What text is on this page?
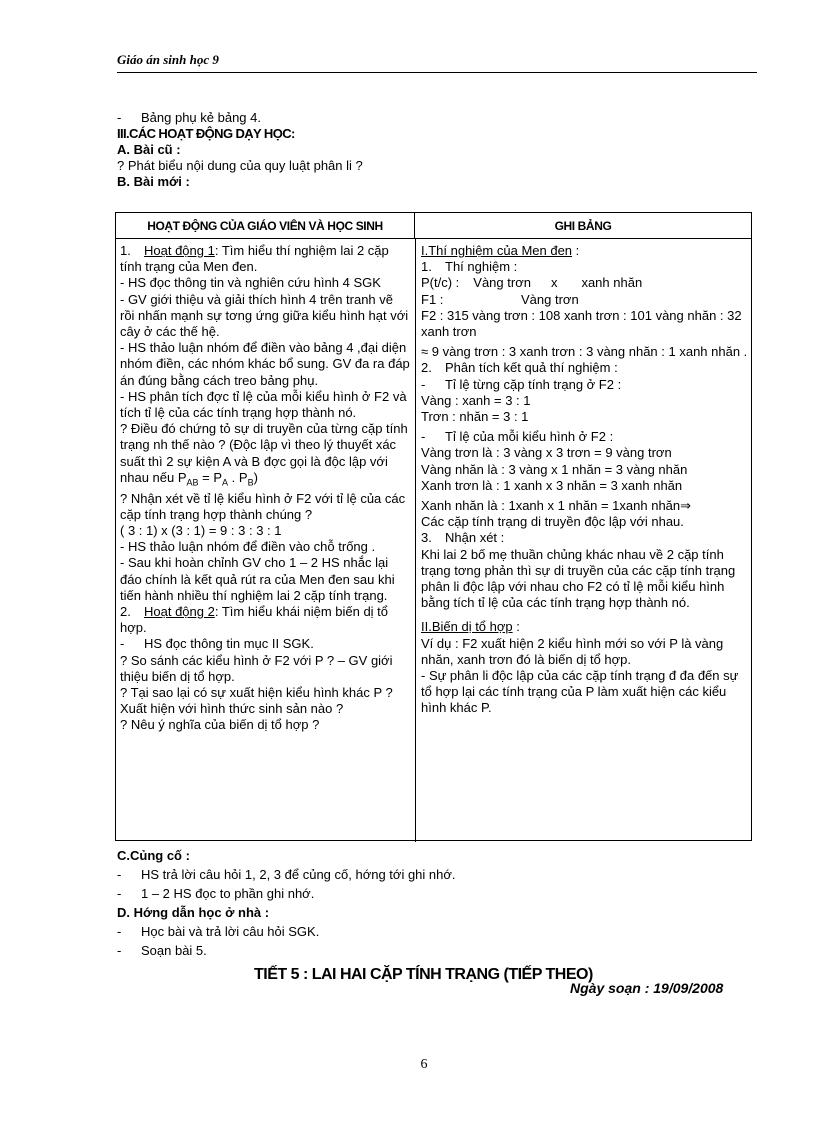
Giáo án sinh học 9
- Bảng phụ kẻ bảng 4.
III.CÁC HOẠT ĐỘNG DẠY HỌC:
A. Bài cũ :
? Phát biểu nội dung của quy luật phân li ?
B. Bài mới :
HOẠT ĐỘNG CỦA GIÁO VIÊN VÀ HỌC SINH	GHI BẢNG
1. Hoạt động 1: Tìm hiểu thí nghiệm lai 2 cặp tính trạng của Men đen.
- HS đọc thông tin và nghiên cứu hình 4 SGK
- GV giới thiệu và giải thích hình 4 trên tranh vẽ rồi nhấn mạnh sự tơng ứng giữa kiểu hình hạt với cây ở các thế hệ.
- HS thảo luận nhóm để điền vào bảng 4 ,đại diện nhóm điền, các nhóm khác bổ sung. GV đa ra đáp án đúng bằng cách treo bảng phụ.
- HS phân tích đợc tỉ lệ của mỗi kiểu hình ở F2 và tích tỉ lệ của các tính trạng hợp thành nó.
? Điều đó chứng tỏ sự di truyền của từng cặp tính trạng nh thế nào ? (Độc lập vì theo lý thuyết xác suất thì 2 sự kiện A và B đợc gọi là độc lập với nhau nếu $P_{AB} = P_A$ . $P_B$)
? Nhận xét về tỉ lệ kiểu hình ở F2 với tỉ lệ của các cặp tính trạng hợp thành chúng ?
( 3 : 1) x (3 : 1) = 9 : 3 : 3 : 1
- HS thảo luận nhóm để điền vào chỗ trống .
- Sau khi hoàn chỉnh GV cho 1 – 2 HS nhắc lại đáo chính là kết quả rút ra của Men đen sau khi tiến hành nhiều thí nghiệm lai 2 cặp tính trạng.
2. Hoạt động 2: Tìm hiểu khái niệm biến dị tổ hợp.
- HS đọc thông tin mục II SGK.
? So sánh các kiểu hình ở F2 với P ? – GV giới thiệu biến dị tổ hợp.
? Tại sao lại có sự xuất hiện kiểu hình khác P ? Xuất hiện với hình thức sinh sản nào ?
? Nêu ý nghĩa của biến dị tổ hợp ?
I.Thí nghiệm của Men đen :
1. Thí nghiệm :
P(t/c) : Vàng trơn x xanh nhăn
F1 :	Vàng trơn
F2 : 315 vàng trơn : 108 xanh trơn : 101 vàng nhăn : 32 xanh trơn
≈ 9 vàng trơn : 3 xanh trơn : 3 vàng nhăn : 1 xanh nhăn .
2. Phân tích kết quả thí nghiệm :
- Tỉ lệ từng cặp tính trạng ở F2 :
Vàng : xanh = 3 : 1
Trơn : nhăn = 3 : 1
- Tỉ lệ của mỗi kiểu hình ở F2 :
Vàng trơn là : 3 vàng x 3 trơn = 9 vàng trơn
Vàng nhăn là : 3 vàng x 1 nhăn = 3 vàng nhăn
Xanh trơn là : 1 xanh x 3 nhăn = 3 xanh nhăn
Xanh nhăn là : 1xanh x 1 nhăn = 1xanh nhăn⇒
Các cặp tính trạng di truyền độc lập với nhau.
3. Nhận xét :
Khi lai 2 bố mẹ thuần chủng khác nhau về 2 cặp tính trạng tơng phản thì sự di truyền của các cặp tính trạng phân li độc lập với nhau cho F2 có tỉ lệ mỗi kiểu hình bằng tích tỉ lệ của các tính trạng hợp thành nó.
II.Biến dị tổ hợp :
Ví dụ : F2 xuất hiện 2 kiểu hình mới so với P là vàng nhăn, xanh trơn đó là biến dị tổ hợp.
- Sự phân li độc lập của các cặp tính trạng đ đa đến sự tổ hợp lại các tính trạng của P làm xuất hiện các kiểu hình khác P.
C.Củng cố :
- HS trả lời câu hỏi 1, 2, 3 để củng cố, hớng tới ghi nhớ.
- 1 – 2 HS đọc to phần ghi nhớ.
D. Hớng dẫn học ở nhà :
- Học bài và trả lời câu hỏi SGK.
- Soạn bài 5.
TIẾT 5 : LAI HAI CẶP TÍNH TRẠNG (TIẾP THEO)
Ngày soạn : 19/09/2008
6
